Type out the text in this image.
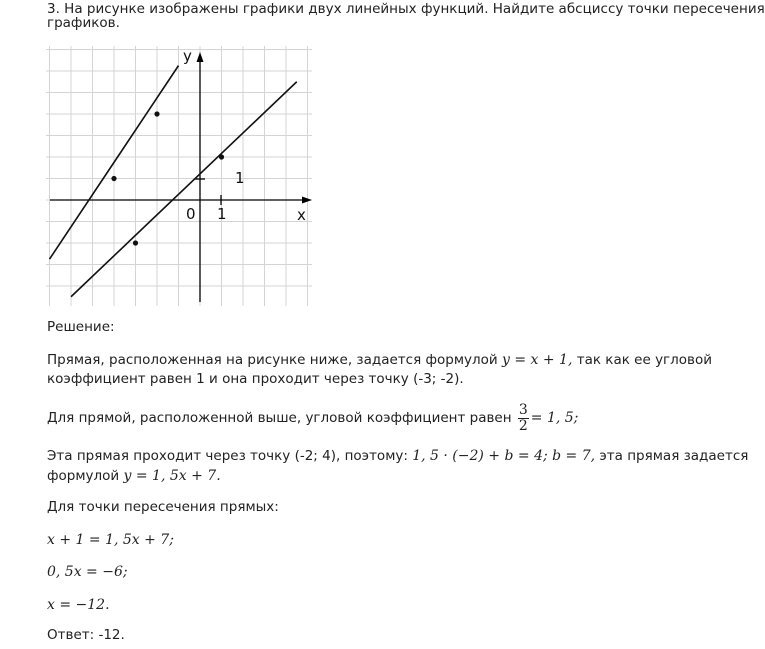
3. На рисунке изображены графики двух линейных функций. Найдите абсциссу точки пересечения

графиков.

y
x
0 1
1

Решение:

Прямая, расположенная на рисунке ниже, задается формулой y = x + 1, так как ее угловой

коэффициент равен 1 и она проходит через точку (-3; -2).

Для прямой, расположенной выше, угловой коэффициент равен $\frac{3}{2} = 1$, 5;

Эта прямая проходит через точку (-2; 4), поэтому: 1, 5 · (−2) + b = 4; b = 7, эта прямая задается

формулой y = 1, 5x + 7.

Для точки пересечения прямых:

x + 1 = 1, 5x + 7;

0, 5x = −6;

x = −12.

Ответ: -12.
